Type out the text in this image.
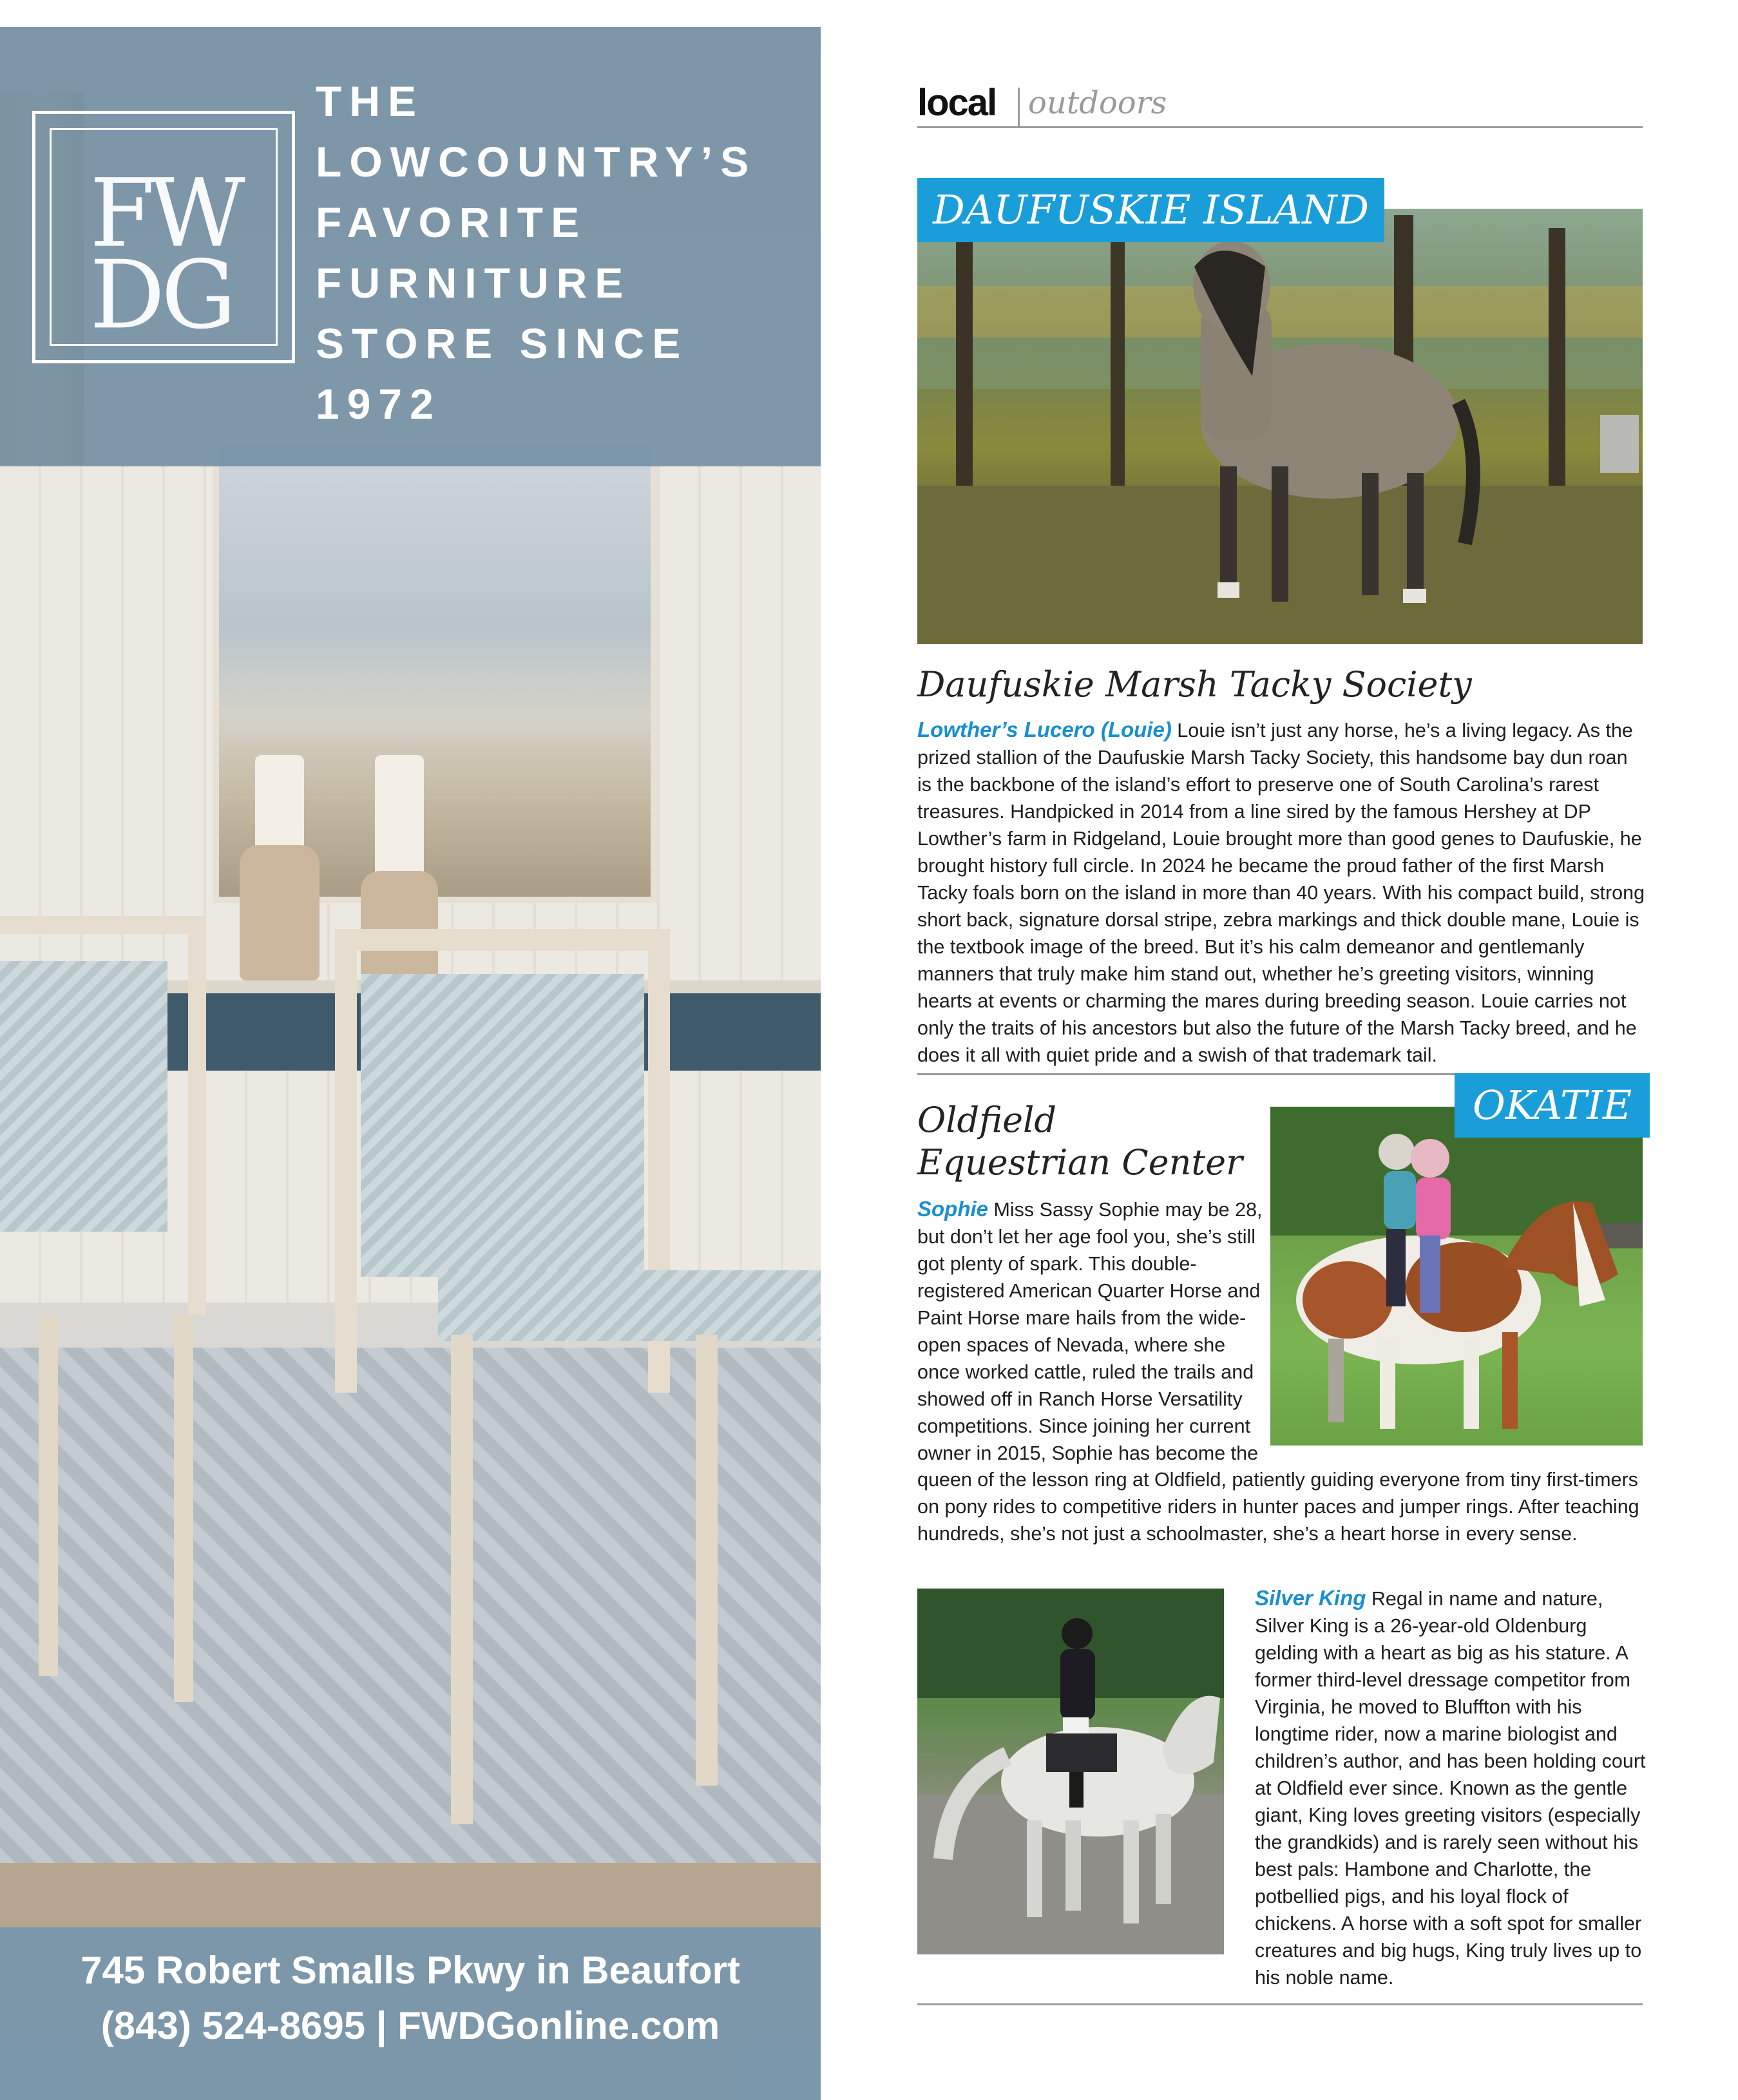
F
W
D
G
THE
LOWCOUNTRY’S
FAVORITE
FURNITURE
STORE SINCE
1972
745 Robert Smalls Pkwy in Beaufort
(843) 524-8695 | FWDGonline.com
local outdoors
DAUFUSKIE ISLAND
Daufuskie Marsh Tacky Society
Lowther’s Lucero (Louie) Louie isn’t just any horse, he’s a living legacy. As the prized stallion of the Daufuskie Marsh Tacky Society, this handsome bay dun roan is the backbone of the island’s effort to preserve one of South Carolina’s rarest treasures. Handpicked in 2014 from a line sired by the famous Hershey at DP Lowther’s farm in Ridgeland, Louie brought more than good genes to Daufuskie, he brought history full circle. In 2024 he became the proud father of the first Marsh Tacky foals born on the island in more than 40 years. With his compact build, strong short back, signature dorsal stripe, zebra markings and thick double mane, Louie is the textbook image of the breed. But it’s his calm demeanor and gentlemanly manners that truly make him stand out, whether he’s greeting visitors, winning hearts at events or charming the mares during breeding season. Louie carries not only the traits of his ancestors but also the future of the Marsh Tacky breed, and he does it all with quiet pride and a swish of that trademark tail.
OKATIE
Oldfield
Equestrian Center
Sophie Miss Sassy Sophie may be 28, but don’t let her age fool you, she’s still got plenty of spark. This double-registered American Quarter Horse and Paint Horse mare hails from the wide-open spaces of Nevada, where she once worked cattle, ruled the trails and showed off in Ranch Horse Versatility competitions. Since joining her current owner in 2015, Sophie has become the
queen of the lesson ring at Oldfield, patiently guiding everyone from tiny first-timers on pony rides to competitive riders in hunter paces and jumper rings. After teaching hundreds, she’s not just a schoolmaster, she’s a heart horse in every sense.
Silver King Regal in name and nature, Silver King is a 26-year-old Oldenburg gelding with a heart as big as his stature. A former third-level dressage competitor from Virginia, he moved to Bluffton with his longtime rider, now a marine biologist and children’s author, and has been holding court at Oldfield ever since. Known as the gentle giant, King loves greeting visitors (especially the grandkids) and is rarely seen without his best pals: Hambone and Charlotte, the potbellied pigs, and his loyal flock of chickens. A horse with a soft spot for smaller creatures and big hugs, King truly lives up to his noble name.
